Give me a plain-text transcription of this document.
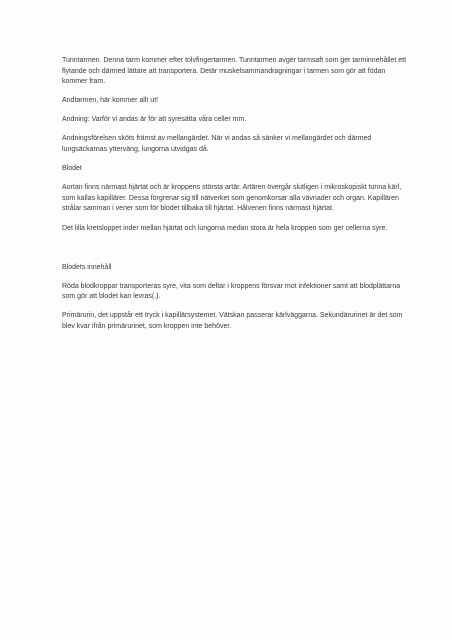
Tunntarmen. Denna tarm kommer efter tolvfingertarmen. Tunntarmen avger tarmsaft som ger tarminnehållet ett flytande och därmed lättare att transportera. Detär muskelsammandragningar i tarmen som gör att födan kommer fram.

Andtarmen, här kommer allt ut!

Andning: Varför vi andas är för att syresätta våra celler mm.

Andningsförelsen sköts främst av mellangärdet. När vi andas så sänker vi mellangärdet och därmed lungsäckarnas ytterväng, lungorna utvidgas då.

Blodet

Aortan finns närmast hjärtat och är kroppens största artär. Artären övergår slutligen i mikroskopiskt tunna kärl, som kallas kapillärer. Dessa förgrenar sig till nätverket som genomkorsar alla vävnader och organ. Kapillären strålar samman i vener som för blodet tillbaka till hjärtat. Hålvenen finns närmast hjärtat.

Det lilla kretsloppet inder mellan hjärtat och lungorna medan stora är hela kroppen som ger cellerna syre.

Blodets innehåll

Röda blodkroppar transporteras syre, vita som deltar i kroppens försvar mot infektioner samt att blodplättarna som gör att blodet kan levras(.).

Primärurin, det uppstår ett tryck i kapillärsystemet. Vätskan passerar kärlväggarna. Sekundärurinet är det som blev kvar ifrån primärurinet, som kroppen inte behöver.
